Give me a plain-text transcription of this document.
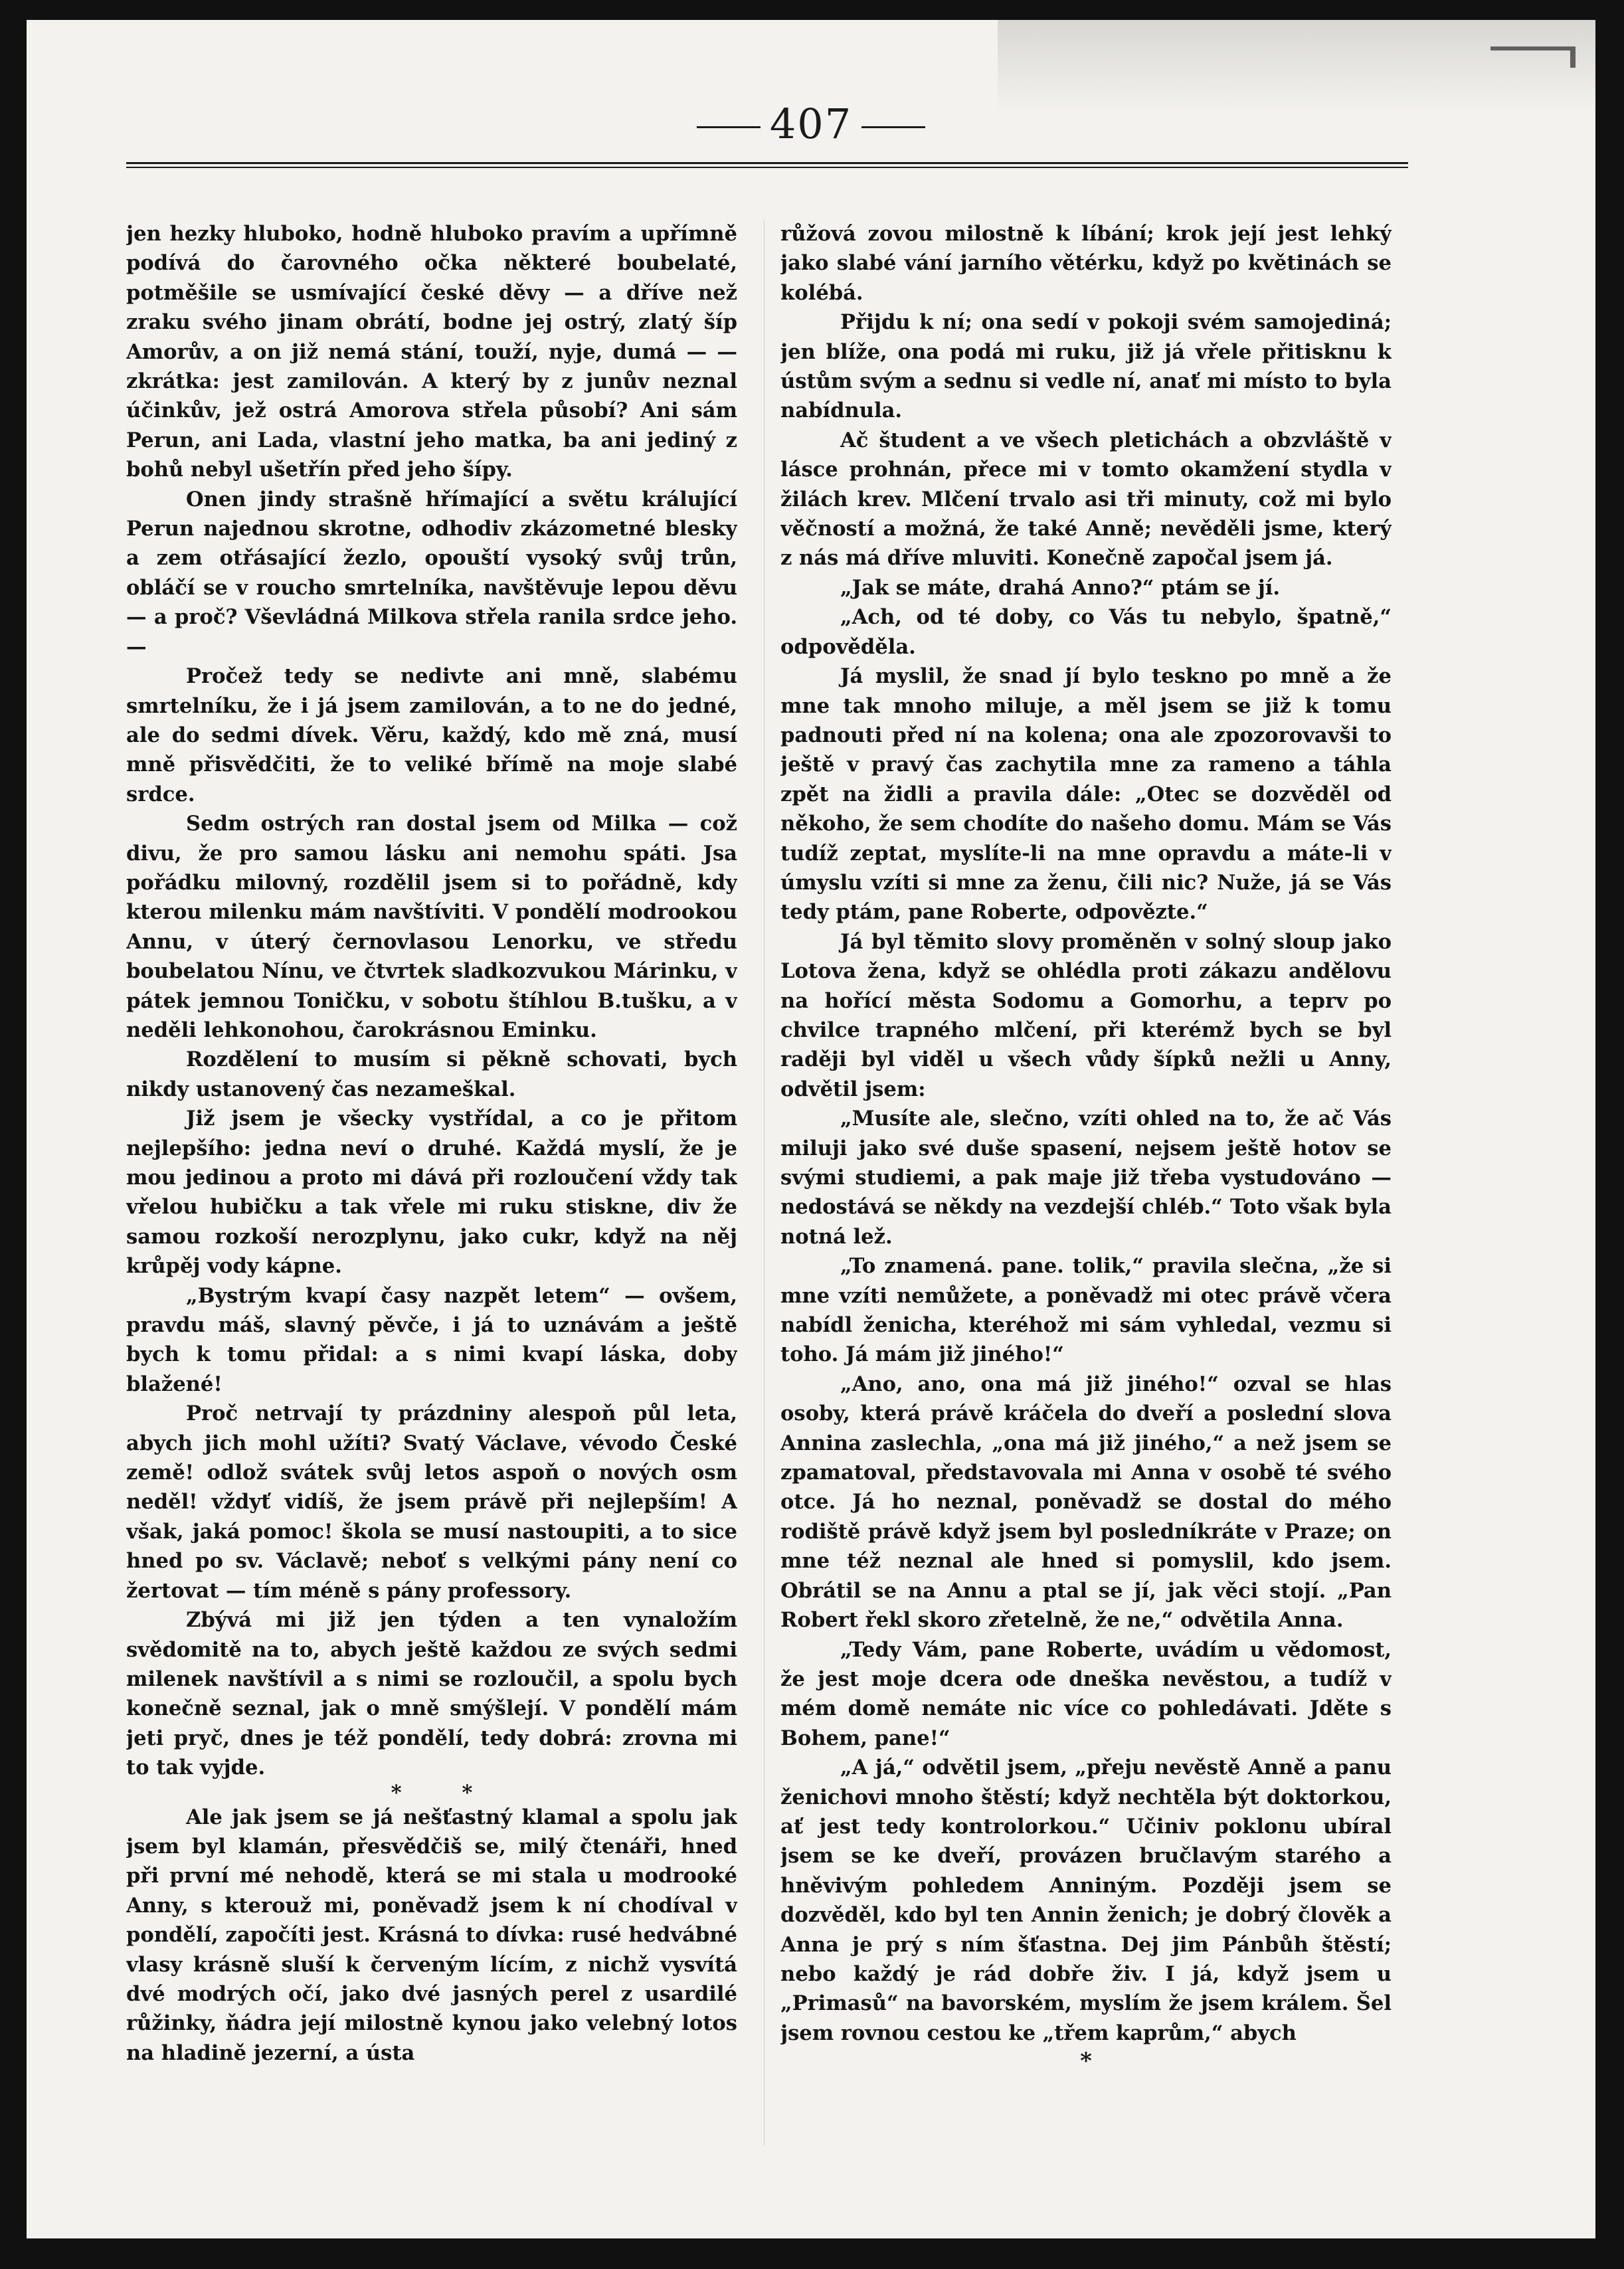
407

jen hezky hluboko, hodně hluboko pravím a upřímně podívá do čarovného očka některé boubelaté, potměšile se usmívající české děvy — a dříve než zraku svého jinam obrátí, bodne jej ostrý, zlatý šíp Amorův, a on již nemá stání, touží, nyje, dumá — — zkrátka: jest zamilován. A který by z junův neznal účinkův, jež ostrá Amorova střela působí? Ani sám Perun, ani Lada, vlastní jeho matka, ba ani jediný z bohů nebyl ušetřín před jeho šípy.

Onen jindy strašně hřímající a světu králující Perun najednou skrotne, odhodiv zkázometné blesky a zem otřásající žezlo, opouští vysoký svůj trůn, obláčí se v roucho smrtelníka, navštěvuje lepou děvu — a proč? Vševládná Milkova střela ranila srdce jeho. —

Pročež tedy se nedivte ani mně, slabému smrtelníku, že i já jsem zamilován, a to ne do jedné, ale do sedmi dívek. Věru, každý, kdo mě zná, musí mně přisvědčiti, že to veliké břímě na moje slabé srdce.

Sedm ostrých ran dostal jsem od Milka — což divu, že pro samou lásku ani nemohu spáti. Jsa pořádku milovný, rozdělil jsem si to pořádně, kdy kterou milenku mám navštíviti. V pondělí modrookou Annu, v úterý černovlasou Lenorku, ve středu boubelatou Nínu, ve čtvrtek sladkozvukou Márinku, v pátek jemnou Toničku, v sobotu štíhlou B.tušku, a v neděli lehkonohou, čarokrásnou Eminku.

Rozdělení to musím si pěkně schovati, bych nikdy ustanovený čas nezameškal.

Již jsem je všecky vystřídal, a co je přitom nejlepšího: jedna neví o druhé. Každá myslí, že je mou jedinou a proto mi dává při rozloučení vždy tak vřelou hubičku a tak vřele mi ruku stiskne, div že samou rozkoší nerozplynu, jako cukr, když na něj krůpěj vody kápne.

„Bystrým kvapí časy nazpět letem“ — ovšem, pravdu máš, slavný pěvče, i já to uznávám a ještě bych k tomu přidal: a s nimi kvapí láska, doby blažené!

Proč netrvají ty prázdniny alespoň půl leta, abych jich mohl užíti? Svatý Václave, vévodo České země! odlož svátek svůj letos aspoň o nových osm neděl! vždyť vidíš, že jsem právě při nejlepším! A však, jaká pomoc! škola se musí nastoupiti, a to sice hned po sv. Václavě; neboť s velkými pány není co žertovat — tím méně s pány professory.

Zbývá mi již jen týden a ten vynaložím svědomitě na to, abych ještě každou ze svých sedmi milenek navštívil a s nimi se rozloučil, a spolu bych konečně seznal, jak o mně smýšlejí. V pondělí mám jeti pryč, dnes je též pondělí, tedy dobrá: zrovna mi to tak vyjde.

* *

Ale jak jsem se já nešťastný klamal a spolu jak jsem byl klamán, přesvědčiš se, milý čtenáři, hned při první mé nehodě, která se mi stala u modrooké Anny, s kterouž mi, poněvadž jsem k ní chodíval v pondělí, započíti jest. Krásná to dívka: rusé hedvábné vlasy krásně sluší k červeným lícím, z nichž vysvítá dvé modrých očí, jako dvé jasných perel z usardilé růžinky, ňádra její milostně kynou jako velebný lotos na hladině jezerní, a ústa

růžová zovou milostně k líbání; krok její jest lehký jako slabé vání jarního větérku, když po květinách se kolébá.

Přijdu k ní; ona sedí v pokoji svém samojediná; jen blíže, ona podá mi ruku, již já vřele přitisknu k ústům svým a sednu si vedle ní, anať mi místo to byla nabídnula.

Ač študent a ve všech pletichách a obzvláště v lásce prohnán, přece mi v tomto okamžení stydla v žilách krev. Mlčení trvalo asi tři minuty, což mi bylo věčností a možná, že také Anně; nevěděli jsme, který z nás má dříve mluviti. Konečně započal jsem já.

„Jak se máte, drahá Anno?“ ptám se jí.

„Ach, od té doby, co Vás tu nebylo, špatně,“ odpověděla.

Já myslil, že snad jí bylo teskno po mně a že mne tak mnoho miluje, a měl jsem se již k tomu padnouti před ní na kolena; ona ale zpozorovavši to ještě v pravý čas zachytila mne za rameno a táhla zpět na židli a pravila dále: „Otec se dozvěděl od někoho, že sem chodíte do našeho domu. Mám se Vás tudíž zeptat, myslíte-li na mne opravdu a máte-li v úmyslu vzíti si mne za ženu, čili nic? Nuže, já se Vás tedy ptám, pane Roberte, odpovězte.“

Já byl těmito slovy proměněn v solný sloup jako Lotova žena, když se ohlédla proti zákazu andělovu na hořící města Sodomu a Gomorhu, a teprv po chvilce trapného mlčení, při kterémž bych se byl raději byl viděl u všech vůdy šípků nežli u Anny, odvětil jsem:

„Musíte ale, slečno, vzíti ohled na to, že ač Vás miluji jako své duše spasení, nejsem ještě hotov se svými studiemi, a pak maje již třeba vystudováno — nedostává se někdy na vezdejší chléb.“ Toto však byla notná lež.

„To znamená. pane. tolik,“ pravila slečna, „že si mne vzíti nemůžete, a poněvadž mi otec právě včera nabídl ženicha, kteréhož mi sám vyhledal, vezmu si toho. Já mám již jiného!“

„Ano, ano, ona má již jiného!“ ozval se hlas osoby, která právě kráčela do dveří a poslední slova Annina zaslechla, „ona má již jiného,“ a než jsem se zpamatoval, představovala mi Anna v osobě té svého otce. Já ho neznal, poněvadž se dostal do mého rodiště právě když jsem byl posledníkráte v Praze; on mne též neznal ale hned si pomyslil, kdo jsem. Obrátil se na Annu a ptal se jí, jak věci stojí. „Pan Robert řekl skoro zřetelně, že ne,“ odvětila Anna.

„Tedy Vám, pane Roberte, uvádím u vědomost, že jest moje dcera ode dneška nevěstou, a tudíž v mém domě nemáte nic více co pohledávati. Jděte s Bohem, pane!“

„A já,“ odvětil jsem, „přeju nevěstě Anně a panu ženichovi mnoho štěstí; když nechtěla být doktorkou, ať jest tedy kontrolorkou.“ Učiniv poklonu ubíral jsem se ke dveří, provázen bručlavým starého a hněvivým pohledem Anniným. Později jsem se dozvěděl, kdo byl ten Annin ženich; je dobrý člověk a Anna je prý s ním šťastna. Dej jim Pánbůh štěstí; nebo každý je rád dobře živ. I já, když jsem u „Primasů“ na bavorském, myslím že jsem králem. Šel jsem rovnou cestou ke „třem kaprům,“ abych

*
